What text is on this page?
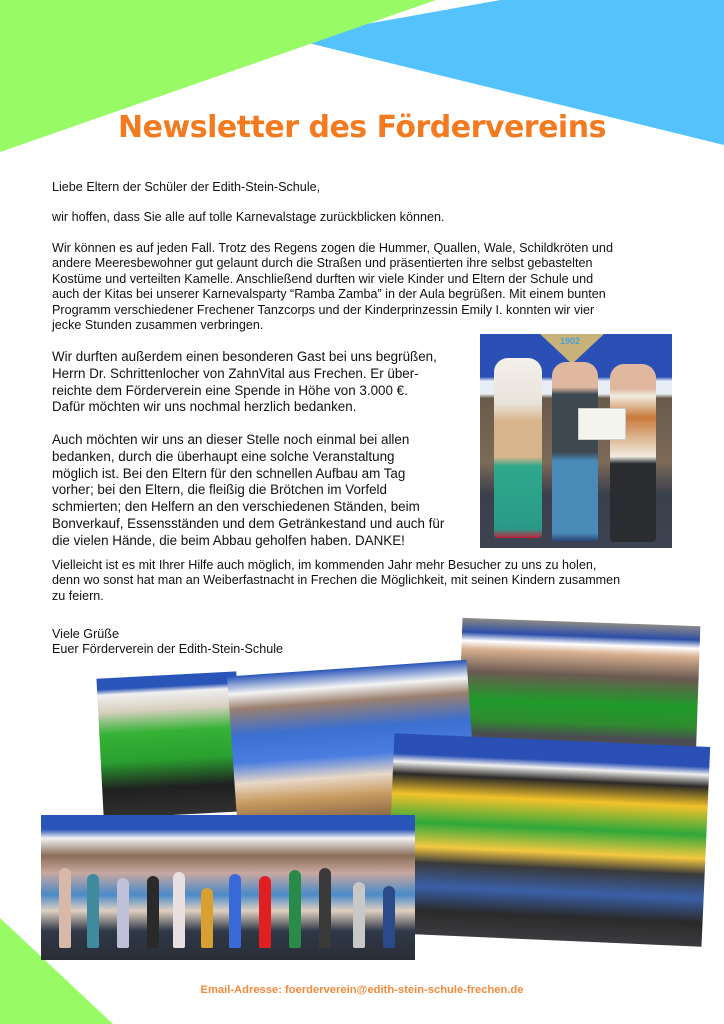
Newsletter des Fördervereins

Liebe Eltern der Schüler der Edith-Stein-Schule,

wir hoffen, dass Sie alle auf tolle Karnevalstage zurückblicken können.

Wir können es auf jeden Fall. Trotz des Regens zogen die Hummer, Quallen, Wale, Schildkröten und
andere Meeresbewohner gut gelaunt durch die Straßen und präsentierten ihre selbst gebastelten
Kostüme und verteilten Kamelle. Anschließend durften wir viele Kinder und Eltern der Schule und
auch der Kitas bei unserer Karnevalsparty “Ramba Zamba” in der Aula begrüßen. Mit einem bunten
Programm verschiedener Frechener Tanzcorps und der Kinderprinzessin Emily I. konnten wir vier
jecke Stunden zusammen verbringen.
Wir durften außerdem einen besonderen Gast bei uns begrüßen,
Herrn Dr. Schrittenlocher von ZahnVital aus Frechen. Er über-
reichte dem Förderverein eine Spende in Höhe von 3.000 €.
Dafür möchten wir uns nochmal herzlich bedanken.
Auch möchten wir uns an dieser Stelle noch einmal bei allen
bedanken, durch die überhaupt eine solche Veranstaltung
möglich ist. Bei den Eltern für den schnellen Aufbau am Tag
vorher; bei den Eltern, die fleißig die Brötchen im Vorfeld
schmierten; den Helfern an den verschiedenen Ständen, beim
Bonverkauf, Essensständen und dem Getränkestand und auch für
die vielen Hände, die beim Abbau geholfen haben. DANKE!
Vielleicht ist es mit Ihrer Hilfe auch möglich, im kommenden Jahr mehr Besucher zu uns zu holen,
denn wo sonst hat man an Weiberfastnacht in Frechen die Möglichkeit, mit seinen Kindern zusammen
zu feiern.
Viele Grüße
Euer Förderverein der Edith-Stein-Schule
1902

Email-Adresse: foerderverein@edith-stein-schule-frechen.de
